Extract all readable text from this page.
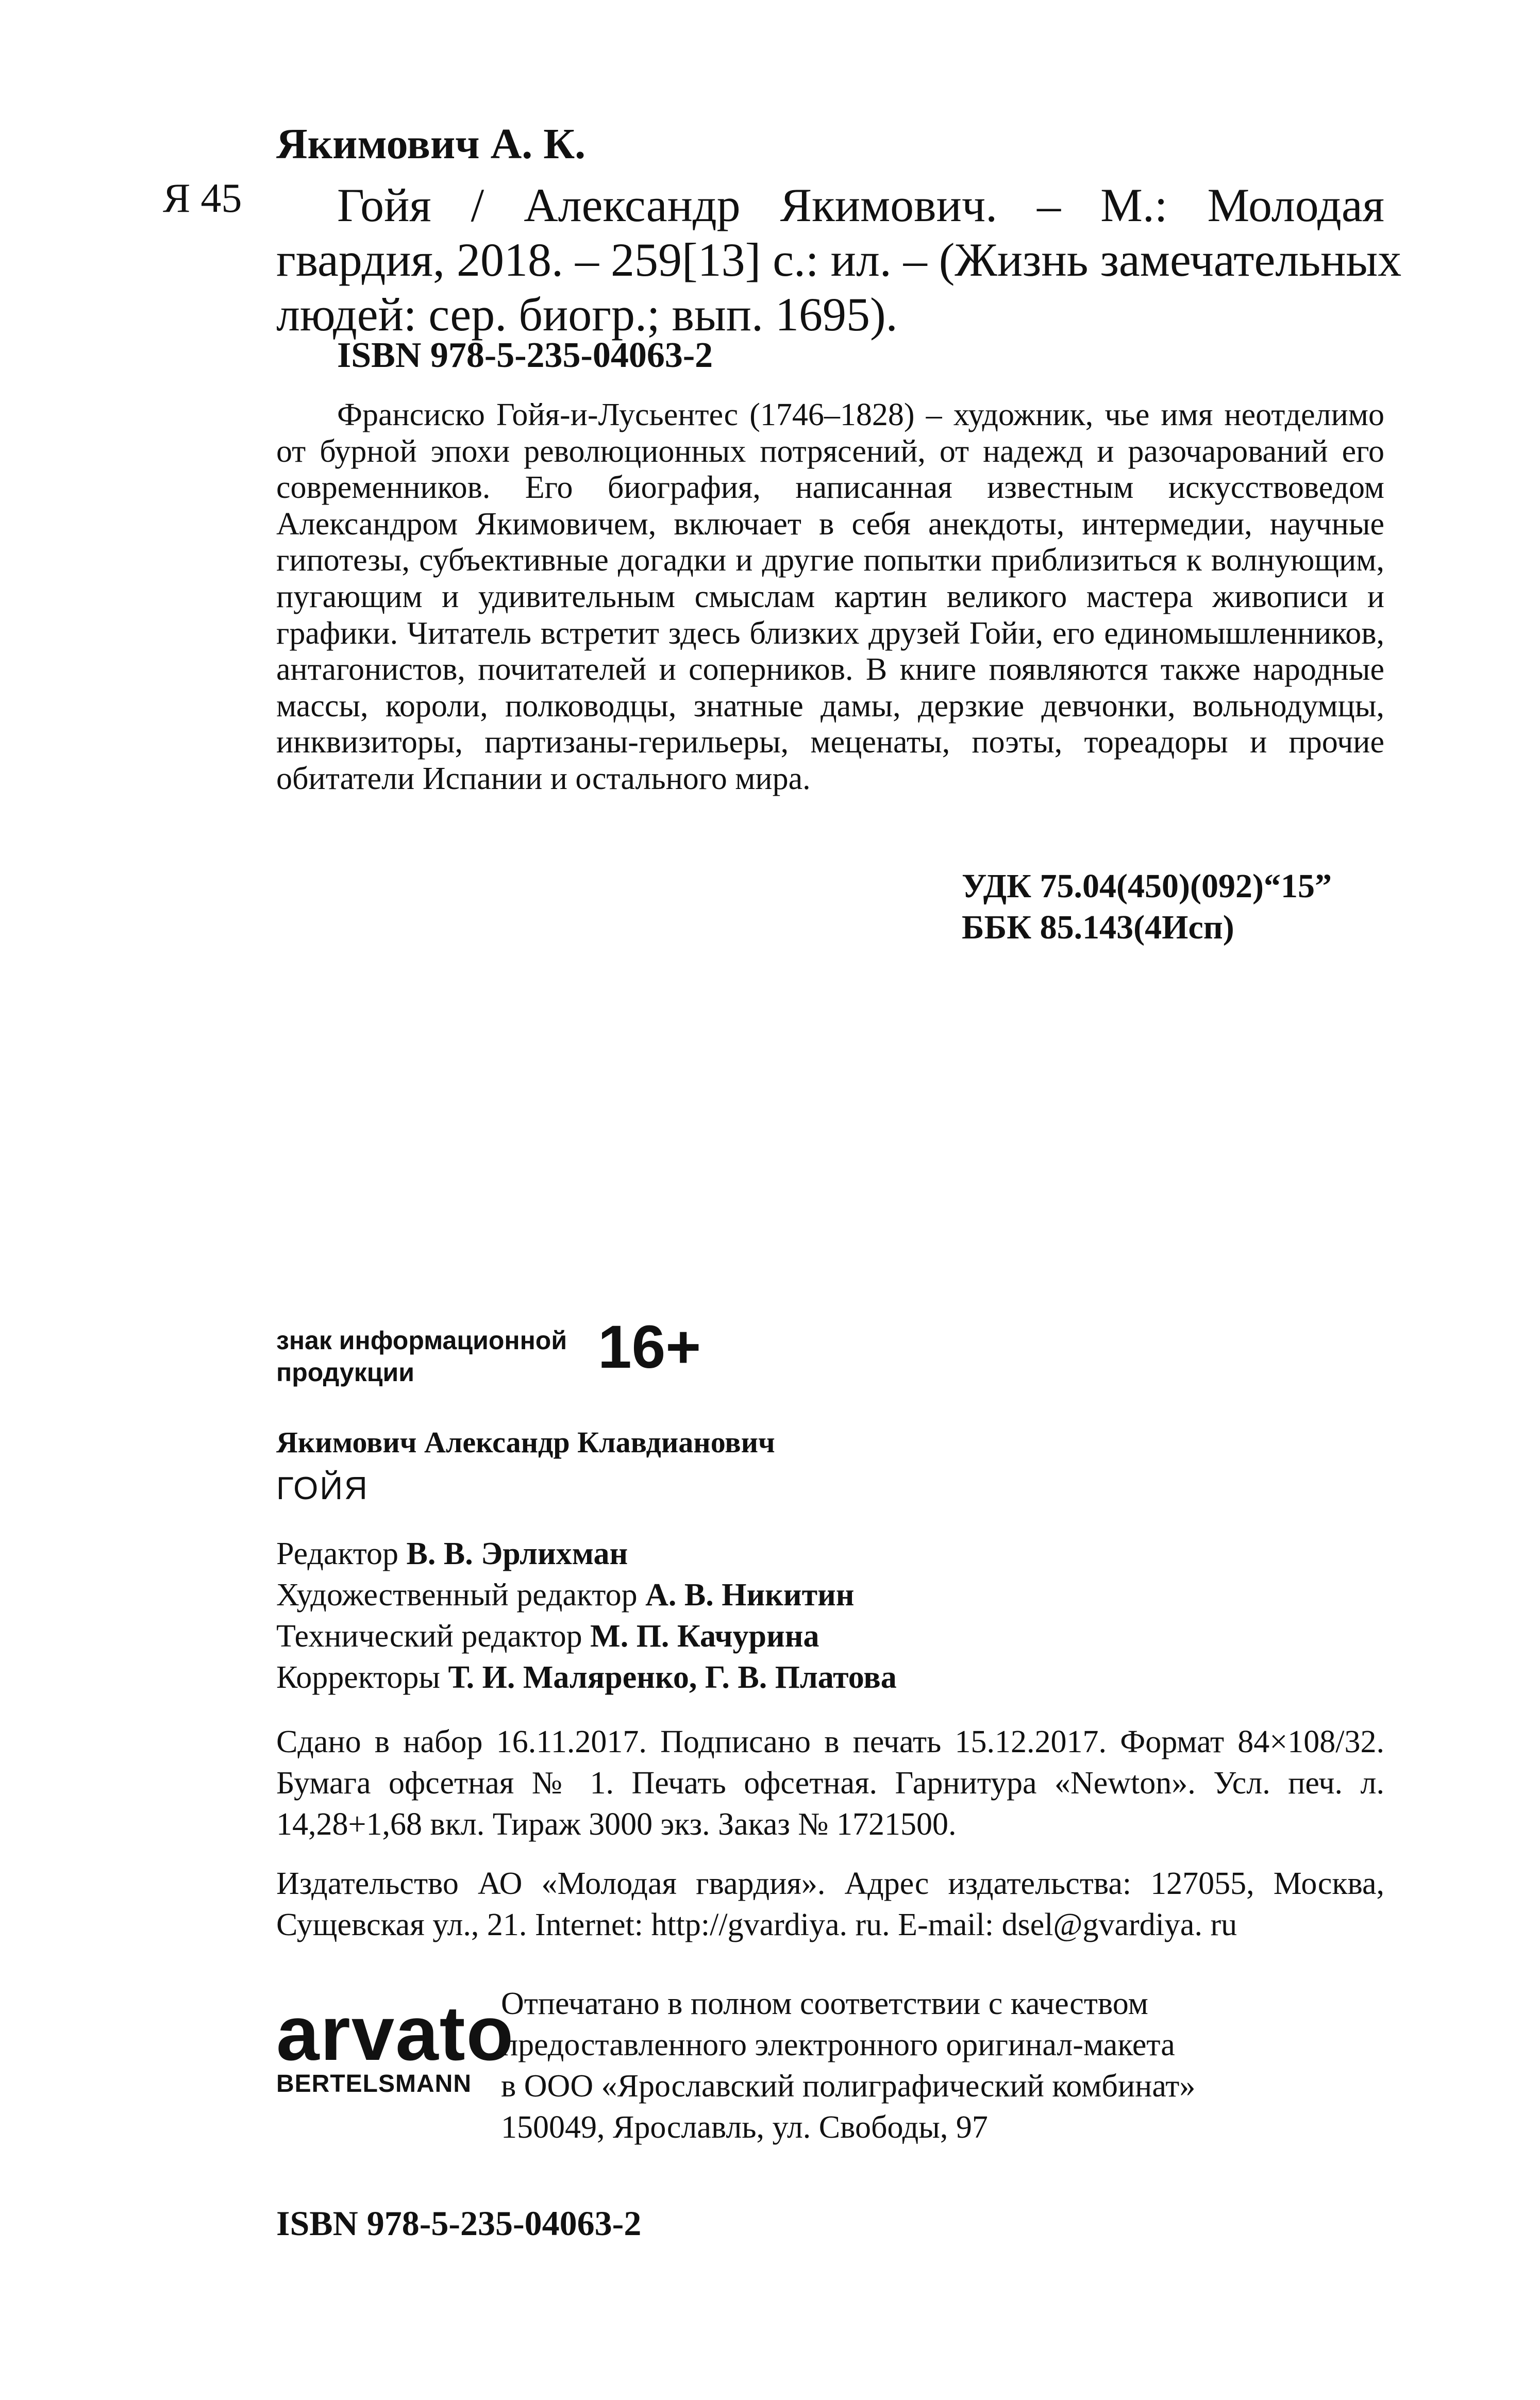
Якимович А. К.
Я 45 Гойя / Александр Якимович. – М.: Молодая
гвардия, 2018. – 259[13] с.: ил. – (Жизнь замечательных
людей: сер. биогр.; вып. 1695).
ISBN 978-5-235-04063-2

Франсиско Гойя-и-Лусьентес (1746–1828) – художник, чье имя неотделимо от бурной эпохи революционных потрясений, от надежд и разочарований его современников. Его биография, написанная известным искусствоведом Александром Якимовичем, включает в себя анекдоты, интермедии, научные гипотезы, субъективные догадки и другие попытки приблизиться к волнующим, пугающим и удивительным смыслам картин великого мастера живописи и графики. Читатель встретит здесь близких друзей Гойи, его единомышленников, антагонистов, почитателей и соперников. В книге появляются также народные массы, короли, полководцы, знатные дамы, дерзкие девчонки, вольнодумцы, инквизиторы, партизаны-герильеры, меценаты, поэты, тореадоры и прочие обитатели Испании и остального мира.

УДК 75.04(450)(092)“15”
ББК 85.143(4Исп)
знак информационной
продукции	16+
Якимович Александр Клавдианович
ГОЙЯ
Редактор В. В. Эрлихман
Художественный редактор А. В. Никитин
Технический редактор М. П. Качурина
Корректоры Т. И. Маляренко, Г. В. Платова

Сдано в набор 16.11.2017. Подписано в печать 15.12.2017. Формат 84×108/32. Бумага офсетная № 1. Печать офсетная. Гарнитура «Newton». Усл. печ. л. 14,28+1,68 вкл. Тираж 3000 экз. Заказ № 1721500.

Издательство АО «Молодая гвардия». Адрес издательства: 127055, Москва, Сущевская ул., 21. Internet: http://gvardiya. ru. E-mail: dsel@gvardiya. ru

arvato
BERTELSMANN
Отпечатано в полном соответствии с качеством
предоставленного электронного оригинал-макета
в ООО «Ярославский полиграфический комбинат»
150049, Ярославль, ул. Свободы, 97
ISBN 978-5-235-04063-2
